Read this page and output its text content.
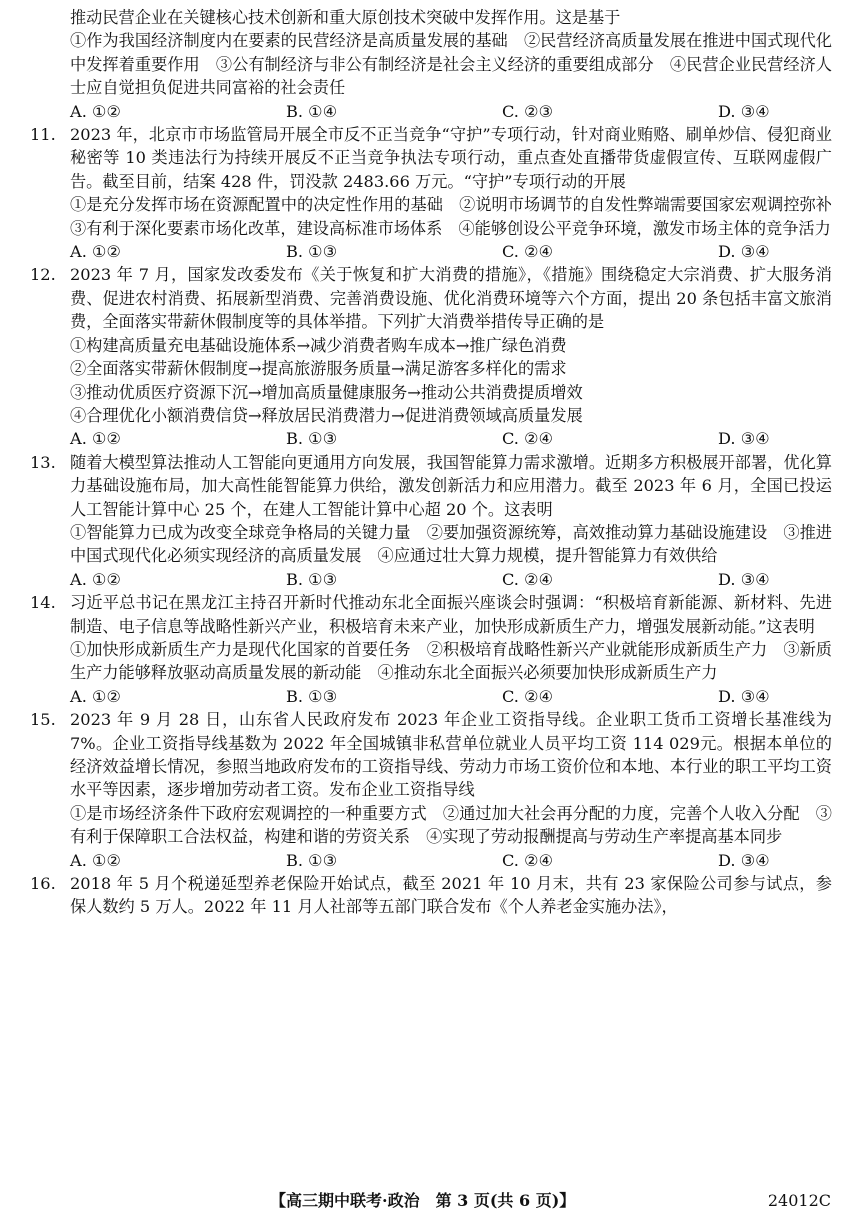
推动民营企业在关键核心技术创新和重大原创技术突破中发挥作用。这是基于

①作为我国经济制度内在要素的民营经济是高质量发展的基础　②民营经济高质量发展在推进中国式现代化中发挥着重要作用　③公有制经济与非公有制经济是社会主义经济的重要组成部分　④民营企业民营经济人士应自觉担负促进共同富裕的社会责任

A. ①②	B. ①④	C. ②③	D. ③④
11. 2023 年，北京市市场监管局开展全市反不正当竞争“守护”专项行动，针对商业贿赂、刷单炒信、侵犯商业秘密等 10 类违法行为持续开展反不正当竞争执法专项行动，重点查处直播带货虚假宣传、互联网虚假广告。截至目前，结案 428 件，罚没款 2483.66 万元。“守护”专项行动的开展

①是充分发挥市场在资源配置中的决定性作用的基础　②说明市场调节的自发性弊端需要国家宏观调控弥补　③有利于深化要素市场化改革，建设高标准市场体系　④能够创设公平竞争环境，激发市场主体的竞争活力

A. ①②	B. ①③	C. ②④	D. ③④
12. 2023 年 7 月，国家发改委发布《关于恢复和扩大消费的措施》，《措施》围绕稳定大宗消费、扩大服务消费、促进农村消费、拓展新型消费、完善消费设施、优化消费环境等六个方面，提出 20 条包括丰富文旅消费，全面落实带薪休假制度等的具体举措。下列扩大消费举措传导正确的是

①构建高质量充电基础设施体系→减少消费者购车成本→推广绿色消费

②全面落实带薪休假制度→提高旅游服务质量→满足游客多样化的需求

③推动优质医疗资源下沉→增加高质量健康服务→推动公共消费提质增效

④合理优化小额消费信贷→释放居民消费潜力→促进消费领域高质量发展

A. ①②	B. ①③	C. ②④	D. ③④
13. 随着大模型算法推动人工智能向更通用方向发展，我国智能算力需求激增。近期多方积极展开部署，优化算力基础设施布局，加大高性能智能算力供给，激发创新活力和应用潜力。截至 2023 年 6 月，全国已投运人工智能计算中心 25 个，在建人工智能计算中心超 20 个。这表明

①智能算力已成为改变全球竞争格局的关键力量　②要加强资源统筹，高效推动算力基础设施建设　③推进中国式现代化必须实现经济的高质量发展　④应通过壮大算力规模，提升智能算力有效供给

A. ①②	B. ①③	C. ②④	D. ③④
14. 习近平总书记在黑龙江主持召开新时代推动东北全面振兴座谈会时强调：“积极培育新能源、新材料、先进制造、电子信息等战略性新兴产业，积极培育未来产业，加快形成新质生产力，增强发展新动能。”这表明

①加快形成新质生产力是现代化国家的首要任务　②积极培育战略性新兴产业就能形成新质生产力　③新质生产力能够释放驱动高质量发展的新动能　④推动东北全面振兴必须要加快形成新质生产力

A. ①②	B. ①③	C. ②④	D. ③④
15. 2023 年 9 月 28 日，山东省人民政府发布 2023 年企业工资指导线。企业职工货币工资增长基准线为 7%。企业工资指导线基数为 2022 年全国城镇非私营单位就业人员平均工资 114 029元。根据本单位的经济效益增长情况，参照当地政府发布的工资指导线、劳动力市场工资价位和本地、本行业的职工平均工资水平等因素，逐步增加劳动者工资。发布企业工资指导线

①是市场经济条件下政府宏观调控的一种重要方式　②通过加大社会再分配的力度，完善个人收入分配　③有利于保障职工合法权益，构建和谐的劳资关系　④实现了劳动报酬提高与劳动生产率提高基本同步

A. ①②	B. ①③	C. ②④	D. ③④
16. 2018 年 5 月个税递延型养老保险开始试点，截至 2021 年 10 月末，共有 23 家保险公司参与试点，参保人数约 5 万人。2022 年 11 月人社部等五部门联合发布《个人养老金实施办法》，

【高三期中联考·政治　第 3 页(共 6 页)】	24012C
